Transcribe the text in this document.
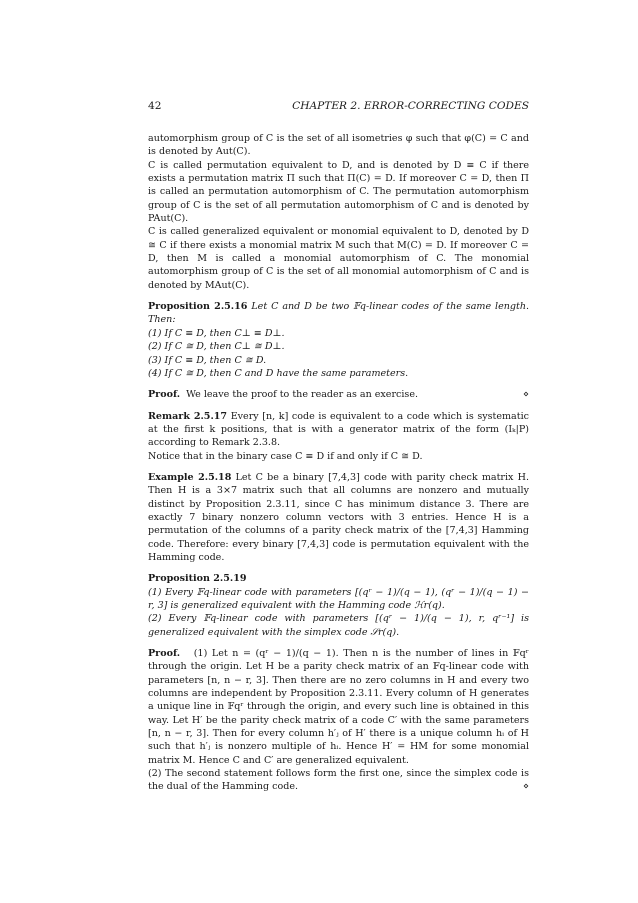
42	CHAPTER 2. ERROR-CORRECTING CODES

automorphism group of C is the set of all isometries φ such that φ(C) = C and is denoted by Aut(C).

C is called permutation equivalent to D, and is denoted by D ≡ C if there exists a permutation matrix Π such that Π(C) = D. If moreover C = D, then Π is called an permutation automorphism of C. The permutation automorphism group of C is the set of all permutation automorphism of C and is denoted by PAut(C).

C is called generalized equivalent or monomial equivalent to D, denoted by D ≅ C if there exists a monomial matrix M such that M(C) = D. If moreover C = D, then M is called a monomial automorphism of C. The monomial automorphism group of C is the set of all monomial automorphism of C and is denoted by MAut(C).

Proposition 2.5.16 Let C and D be two 𝔽q-linear codes of the same length. Then:

(1) If C ≡ D, then C⊥ ≡ D⊥.

(2) If C ≅ D, then C⊥ ≅ D⊥.

(3) If C ≡ D, then C ≅ D.

(4) If C ≅ D, then C and D have the same parameters.

Proof. We leave the proof to the reader as an exercise.	⋄

Remark 2.5.17 Every [n, k] code is equivalent to a code which is systematic at the first k positions, that is with a generator matrix of the form (Iₖ|P) according to Remark 2.3.8.

Notice that in the binary case C ≡ D if and only if C ≅ D.

Example 2.5.18 Let C be a binary [7,4,3] code with parity check matrix H. Then H is a 3×7 matrix such that all columns are nonzero and mutually distinct by Proposition 2.3.11, since C has minimum distance 3. There are exactly 7 binary nonzero column vectors with 3 entries. Hence H is a permutation of the columns of a parity check matrix of the [7,4,3] Hamming code. Therefore: every binary [7,4,3] code is permutation equivalent with the Hamming code.

Proposition 2.5.19

(1) Every 𝔽q-linear code with parameters [(qʳ − 1)/(q − 1), (qʳ − 1)/(q − 1) − r, 3] is generalized equivalent with the Hamming code ℋr(q).

(2) Every 𝔽q-linear code with parameters [(qʳ − 1)/(q − 1), r, qʳ⁻¹] is generalized equivalent with the simplex code 𝒮r(q).

Proof. (1) Let n = (qʳ − 1)/(q − 1). Then n is the number of lines in 𝔽qʳ through the origin. Let H be a parity check matrix of an 𝔽q-linear code with parameters [n, n − r, 3]. Then there are no zero columns in H and every two columns are independent by Proposition 2.3.11. Every column of H generates a unique line in 𝔽qʳ through the origin, and every such line is obtained in this way. Let H′ be the parity check matrix of a code C′ with the same parameters [n, n − r, 3]. Then for every column h′ⱼ of H′ there is a unique column hᵢ of H such that h′ⱼ is nonzero multiple of hᵢ. Hence H′ = HM for some monomial matrix M. Hence C and C′ are generalized equivalent.

(2) The second statement follows form the first one, since the simplex code is the dual of the Hamming code.	⋄
